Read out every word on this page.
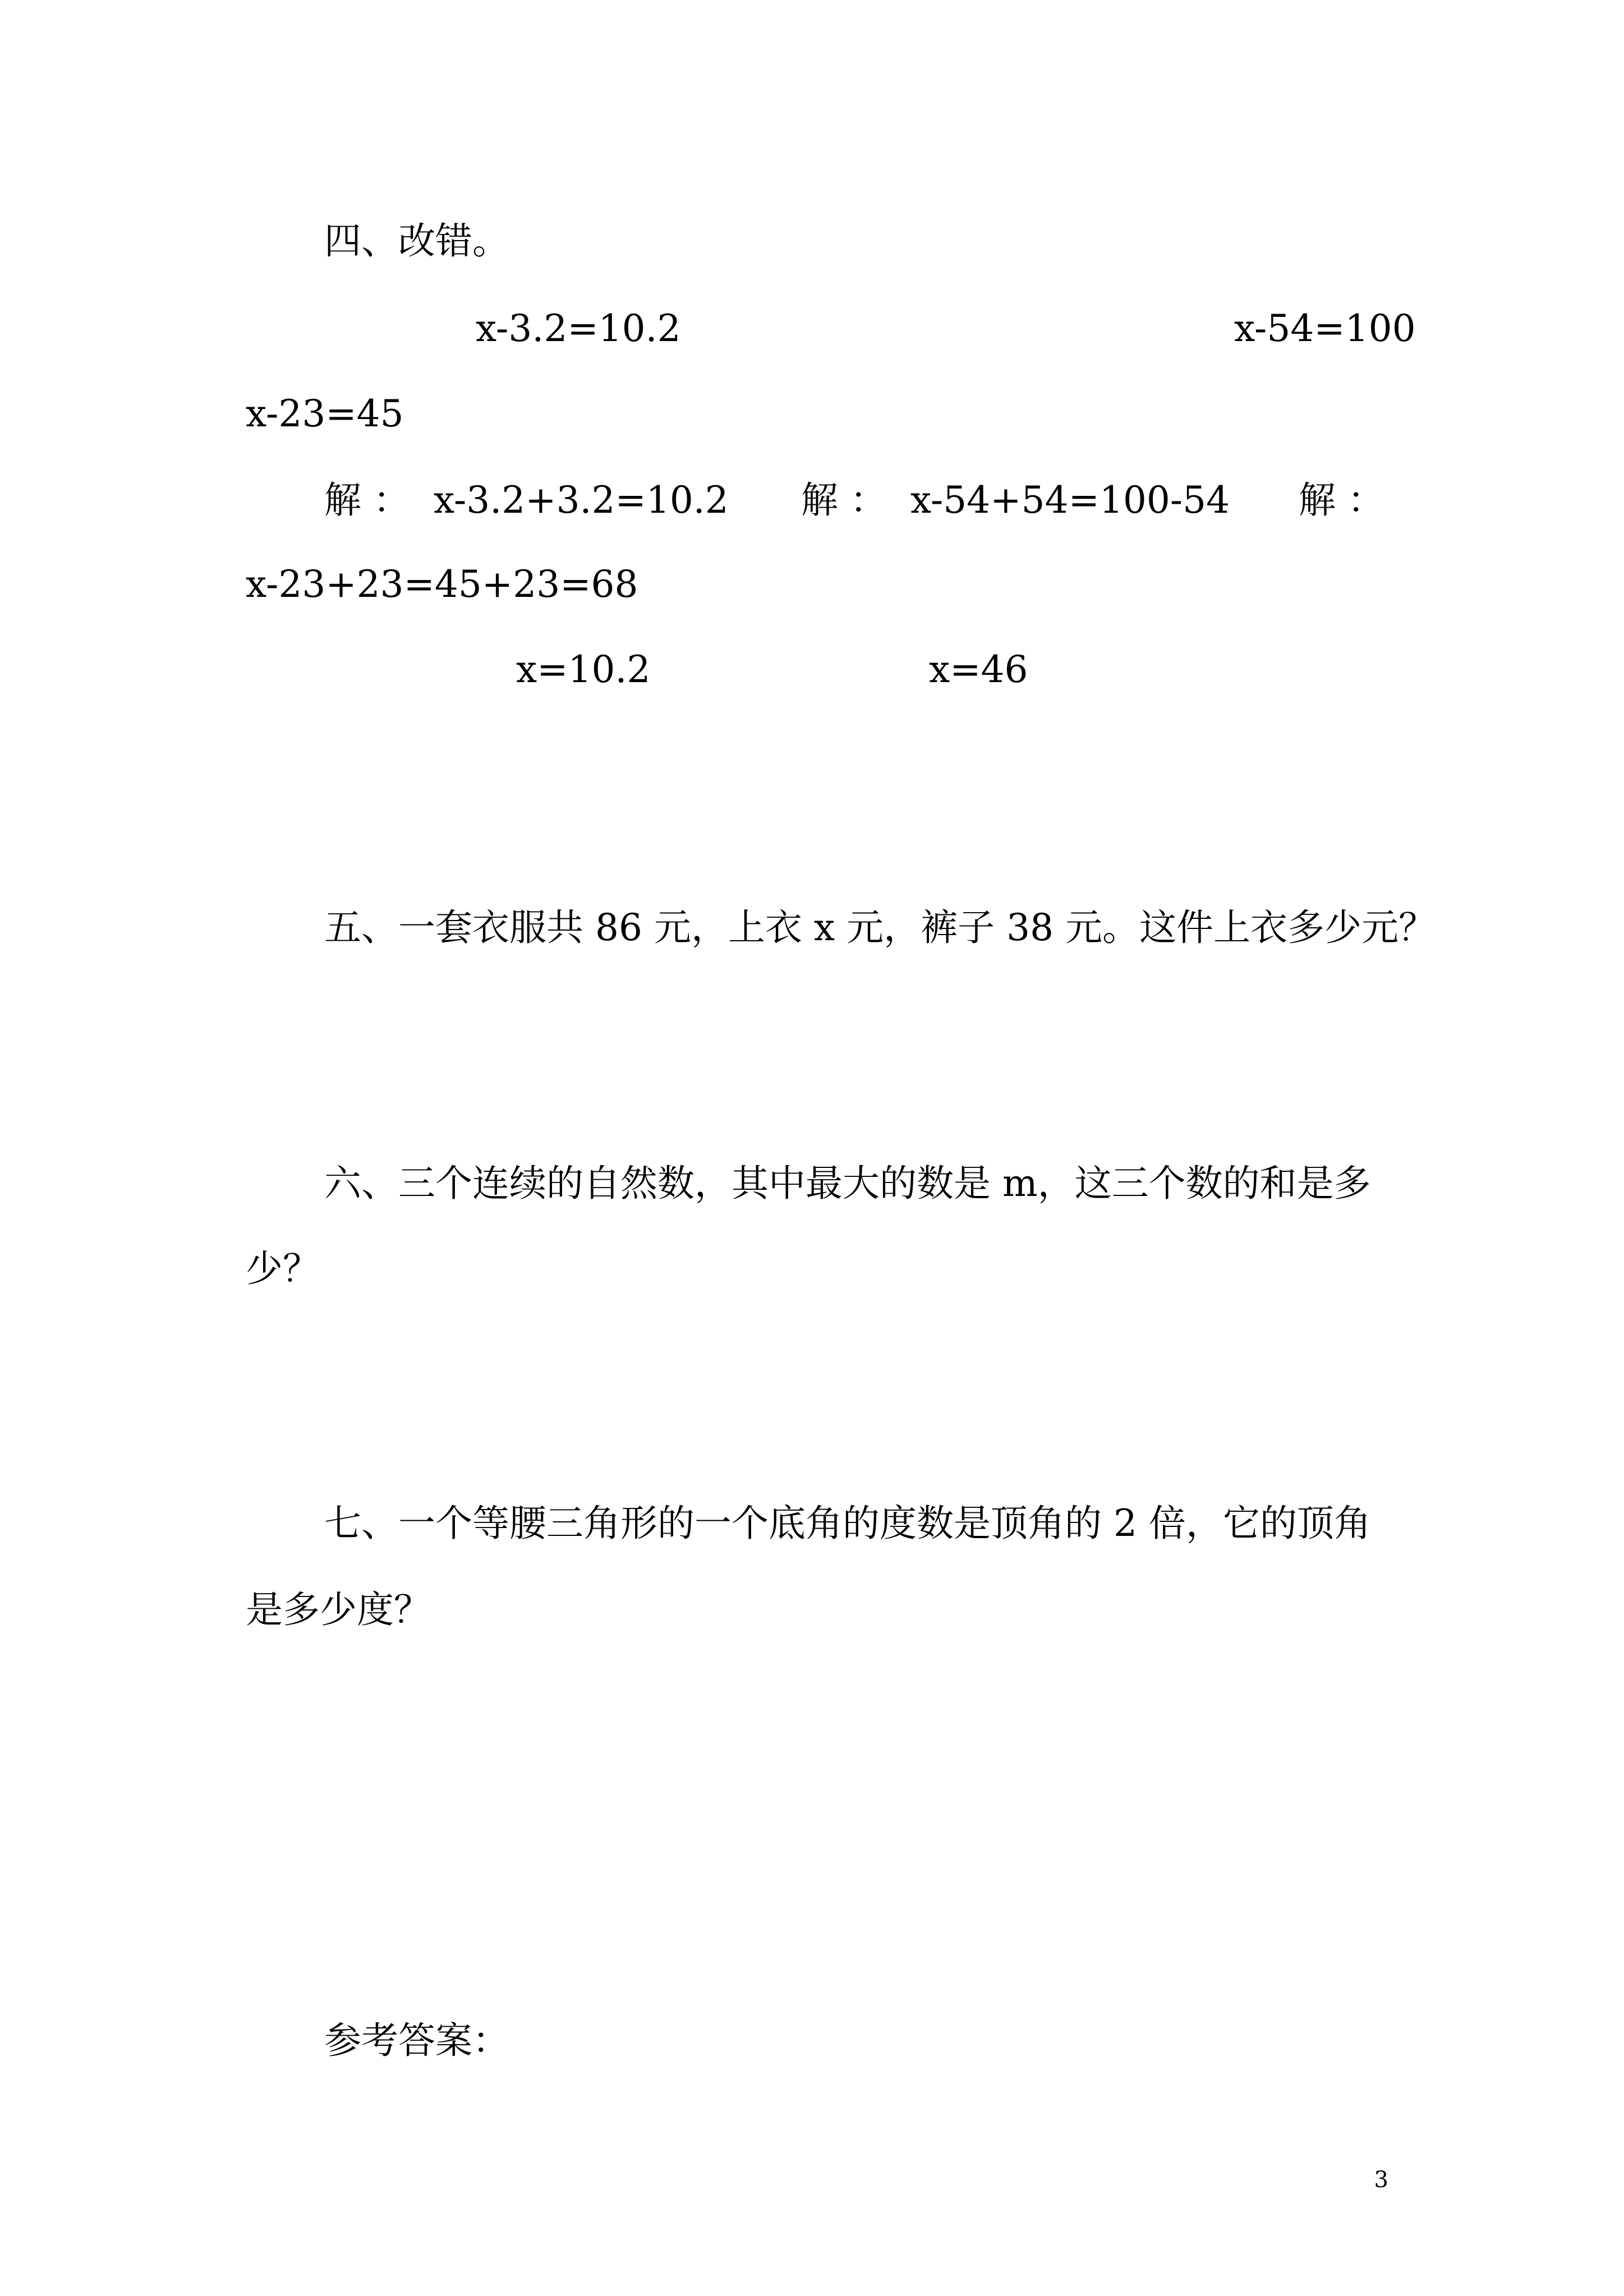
四、改错。
x-3.2=10.2	x-54=100
x-23=45
解 ：  x-3.2+3.2=10.2 解 ：  x-54+54=100-54 解 ：
x-23+23=45+23=68
x=10.2	x=46
五、一套衣服共 86 元，上衣 x 元，裤子 38 元。这件上衣多少元？
六、三个连续的自然数，其中最大的数是 m，这三个数的和是多
少？
七、一个等腰三角形的一个底角的度数是顶角的 2 倍，它的顶角
是多少度？
参考答案：
3
